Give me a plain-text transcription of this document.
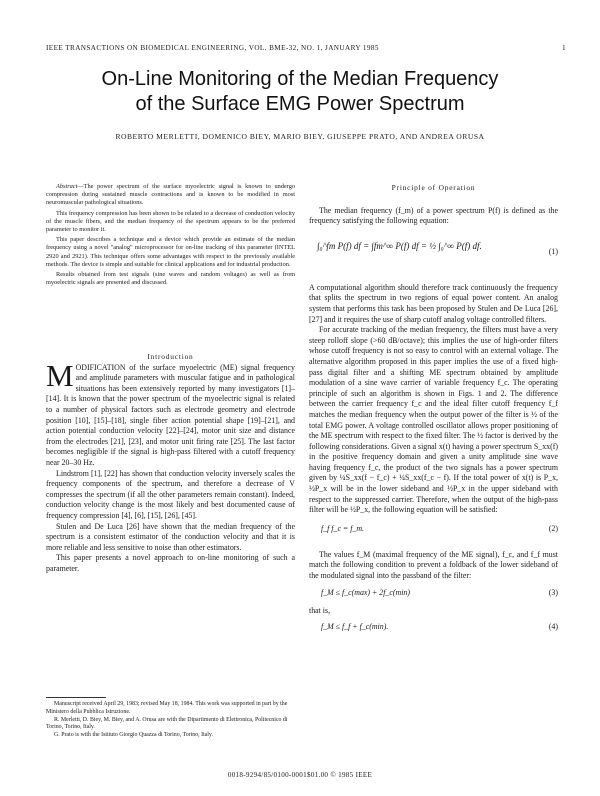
IEEE TRANSACTIONS ON BIOMEDICAL ENGINEERING, VOL. BME-32, NO. 1, JANUARY 1985	1
On-Line Monitoring of the Median Frequency
of the Surface EMG Power Spectrum
ROBERTO MERLETTI, DOMENICO BIEY, MARIO BIEY, GIUSEPPE PRATO, AND ANDREA ORUSA

Abstract—The power spectrum of the surface myoelectric signal is known to undergo compression during sustained muscle contractions and is known to be modified in most neuromuscular pathological situations.

This frequency compression has been shown to be related to a decrease of conduction velocity of the muscle fibers, and the median frequency of the spectrum appears to be the preferred parameter to monitor it.

This paper describes a technique and a device which provide an estimate of the median frequency using a novel "analog" microprocessor for on-line tracking of this parameter (INTEL 2920 and 2921). This technique offers some advantages with respect to the previously available methods. The device is simple and suitable for clinical applications and for industrial production.

Results obtained from test signals (sine waves and random voltages) as well as from myoelectric signals are presented and discussed.

Introduction

MODIFICATION of the surface myoelectric (ME) signal frequency and amplitude parameters with muscular fatigue and in pathological situations has been extensively reported by many investigators [1]–[14]. It is known that the power spectrum of the myoelectric signal is related to a number of physical factors such as electrode geometry and electrode position [10], [15]–[18], single fiber action potential shape [19]–[21], and action potential conduction velocity [22]–[24], motor unit size and distance from the electrodes [21], [23], and motor unit firing rate [25]. The last factor becomes negligible if the signal is high-pass filtered with a cutoff frequency near 20–30 Hz.

Lindstrom [1], [22] has shown that conduction velocity inversely scales the frequency components of the spectrum, and therefore a decrease of V compresses the spectrum (if all the other parameters remain constant). Indeed, conduction velocity change is the most likely and best documented cause of frequency compression [4], [6], [15], [26], [45].

Stulen and De Luca [26] have shown that the median frequency of the spectrum is a consistent estimator of the conduction velocity and that it is more reliable and less sensitive to noise than other estimators.

This paper presents a novel approach to on-line monitoring of such a parameter.

Manuscript received April 29, 1983; revised May 18, 1984. This work was supported in part by the Ministero della Pubblica Istruzione.
R. Merletti, D. Biey, M. Biey, and A. Orusa are with the Dipartimento di Elettronica, Politecnico di Torino, Torino, Italy.
G. Prato is with the Istituto Giorgio Quazza di Torino, Torino, Italy.

Principle of Operation

The median frequency (f_m) of a power spectrum P(f) is defined as the frequency satisfying the following equation:

∫₀^fm P(f) df = ∫fm^∞ P(f) df = ½ ∫₀^∞ P(f) df.
(1)

A computational algorithm should therefore track continuously the frequency that splits the spectrum in two regions of equal power content. An analog system that performs this task has been proposed by Stulen and De Luca [26], [27] and it requires the use of sharp cutoff analog voltage controlled filters.

For accurate tracking of the median frequency, the filters must have a very steep rolloff slope (>60 dB/octave); this implies the use of high-order filters whose cutoff frequency is not so easy to control with an external voltage. The alternative algorithm proposed in this paper implies the use of a fixed high-pass digital filter and a shifting ME spectrum obtained by amplitude modulation of a sine wave carrier of variable frequency f_c. The operating principle of such an algorithm is shown in Figs. 1 and 2. The difference between the carrier frequency f_c and the ideal filter cutoff frequency f_f matches the median frequency when the output power of the filter is ½ of the total EMG power. A voltage controlled oscillator allows proper positioning of the ME spectrum with respect to the fixed filter. The ½ factor is derived by the following considerations. Given a signal x(t) having a power spectrum S_xx(f) in the positive frequency domain and given a unity amplitude sine wave having frequency f_c, the product of the two signals has a power spectrum given by ¼S_xx(f − f_c) + ¼S_xx(f_c − f). If the total power of x(t) is P_x, ½P_x will be in the lower sideband and ½P_x in the upper sideband with respect to the suppressed carrier. Therefore, when the output of the high-pass filter will be ½P_x, the following equation will be satisfied:

f_f f_c = f_m.	(2)

The values f_M (maximal frequency of the ME signal), f_c, and f_f must match the following condition to prevent a foldback of the lower sideband of the modulated signal into the passband of the filter:

f_M ≤ f_c(max) + 2f_c(min)	(3)

that is,

f_M ≤ f_f + f_c(min).	(4)
0018-9294/85/0100-0001$01.00 © 1985 IEEE
